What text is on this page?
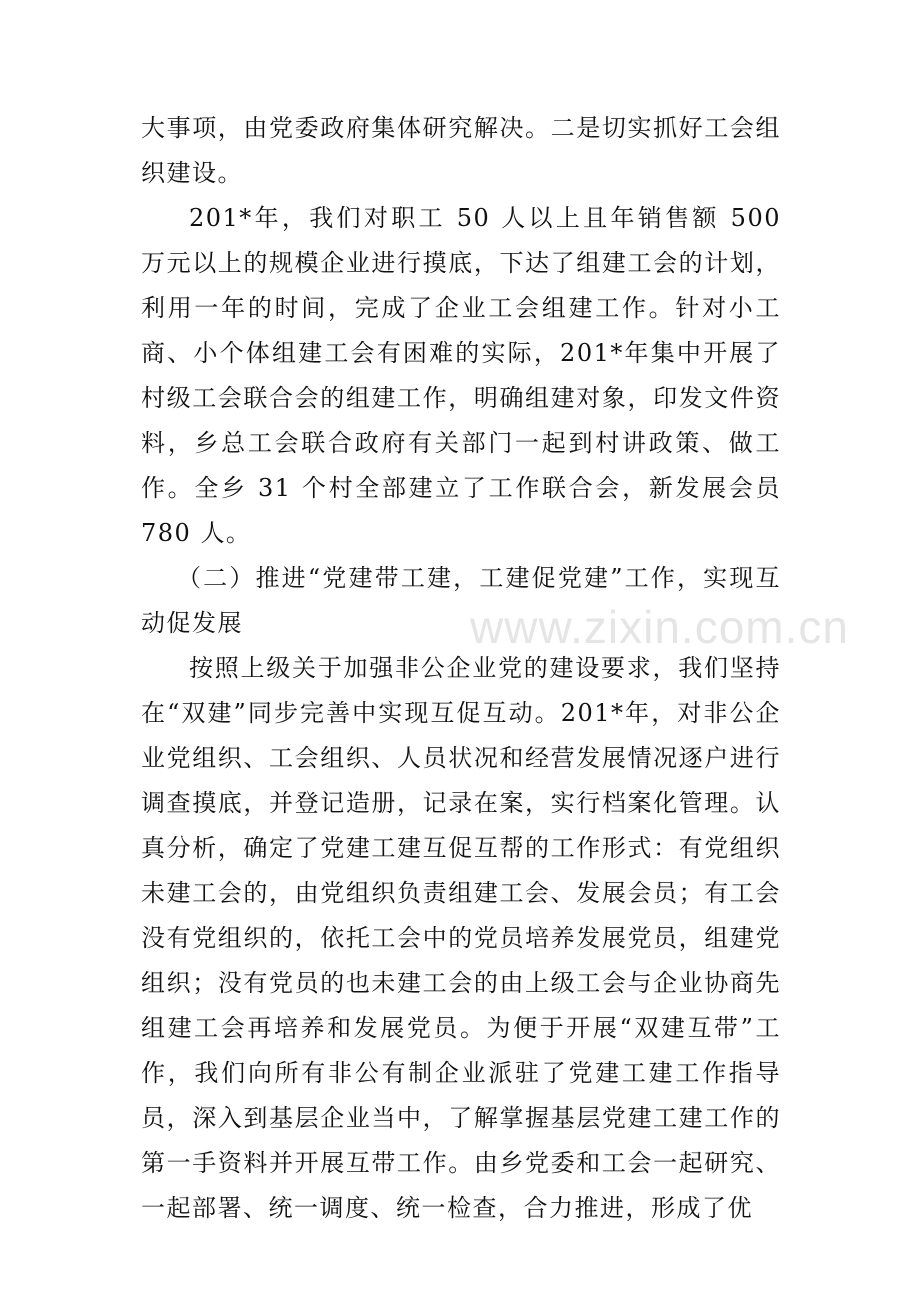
大事项，由党委政府集体研究解决。二是切实抓好工会组织建设。

201*年，我们对职工 50 人以上且年销售额 500 万元以上的规模企业进行摸底，下达了组建工会的计划，利用一年的时间，完成了企业工会组建工作。针对小工商、小个体组建工会有困难的实际，201*年集中开展了村级工会联合会的组建工作，明确组建对象，印发文件资料，乡总工会联合政府有关部门一起到村讲政策、做工作。全乡 31 个村全部建立了工作联合会，新发展会员 780 人。

（二）推进“党建带工建，工建促党建”工作，实现互动促发展

按照上级关于加强非公企业党的建设要求，我们坚持在“双建”同步完善中实现互促互动。201*年，对非公企业党组织、工会组织、人员状况和经营发展情况逐户进行调查摸底，并登记造册，记录在案，实行档案化管理。认真分析，确定了党建工建互促互帮的工作形式：有党组织未建工会的，由党组织负责组建工会、发展会员；有工会没有党组织的，依托工会中的党员培养发展党员，组建党组织；没有党员的也未建工会的由上级工会与企业协商先组建工会再培养和发展党员。为便于开展“双建互带”工作，我们向所有非公有制企业派驻了党建工建工作指导员，深入到基层企业当中，了解掌握基层党建工建工作的第一手资料并开展互带工作。由乡党委和工会一起研究、一起部署、统一调度、统一检查，合力推进，形成了优

www.zixin.com.cn
